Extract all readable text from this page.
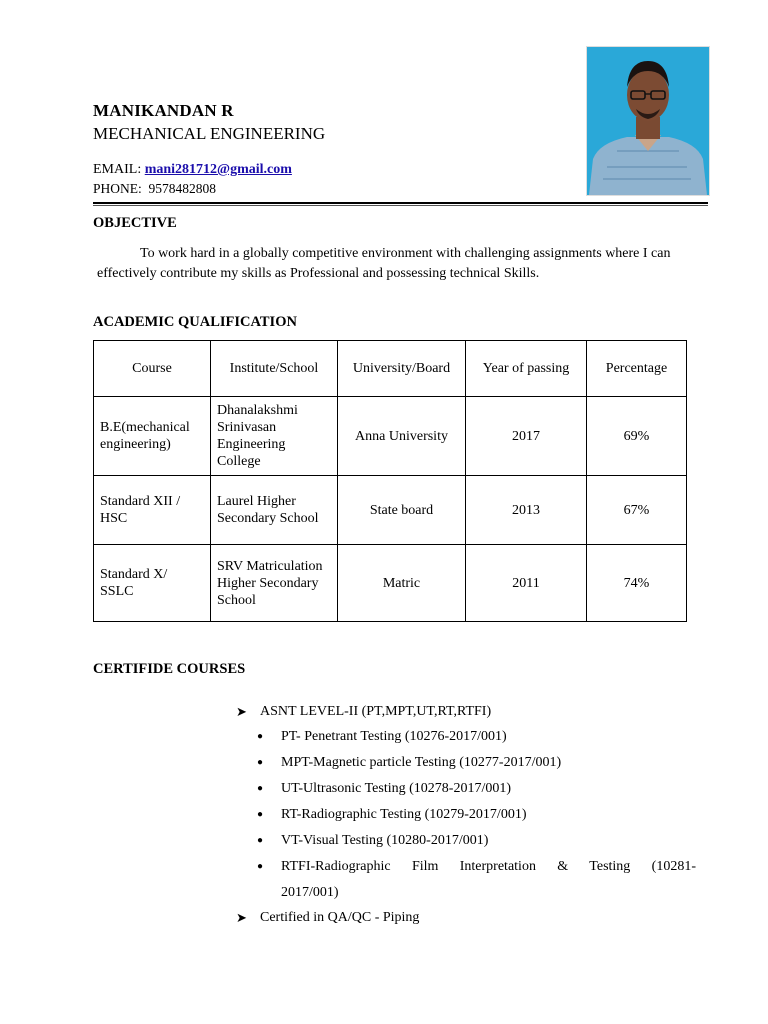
MANIKANDAN R
MECHANICAL ENGINEERING
EMAIL: mani281712@gmail.com
PHONE: 9578482808
OBJECTIVE
To work hard in a globally competitive environment with challenging assignments where I can effectively contribute my skills as Professional and possessing technical Skills.
ACADEMIC QUALIFICATION
Course	Institute/School	University/Board	Year of passing	Percentage
B.E(mechanical engineering)	Dhanalakshmi Srinivasan Engineering College	Anna University	2017	69%
Standard XII / HSC	Laurel Higher Secondary School	State board	2013	67%
Standard X/ SSLC	SRV Matriculation Higher Secondary School	Matric	2011	74%
CERTIFIDE COURSES
➤ ASNT LEVEL-II (PT,MPT,UT,RT,RTFI)
● PT- Penetrant Testing (10276-2017/001)
● MPT-Magnetic particle Testing (10277-2017/001)
● UT-Ultrasonic Testing (10278-2017/001)
● RT-Radiographic Testing (10279-2017/001)
● VT-Visual Testing (10280-2017/001)
● RTFI-Radiographic Film Interpretation & Testing (10281-2017/001)
➤ Certified in QA/QC - Piping
